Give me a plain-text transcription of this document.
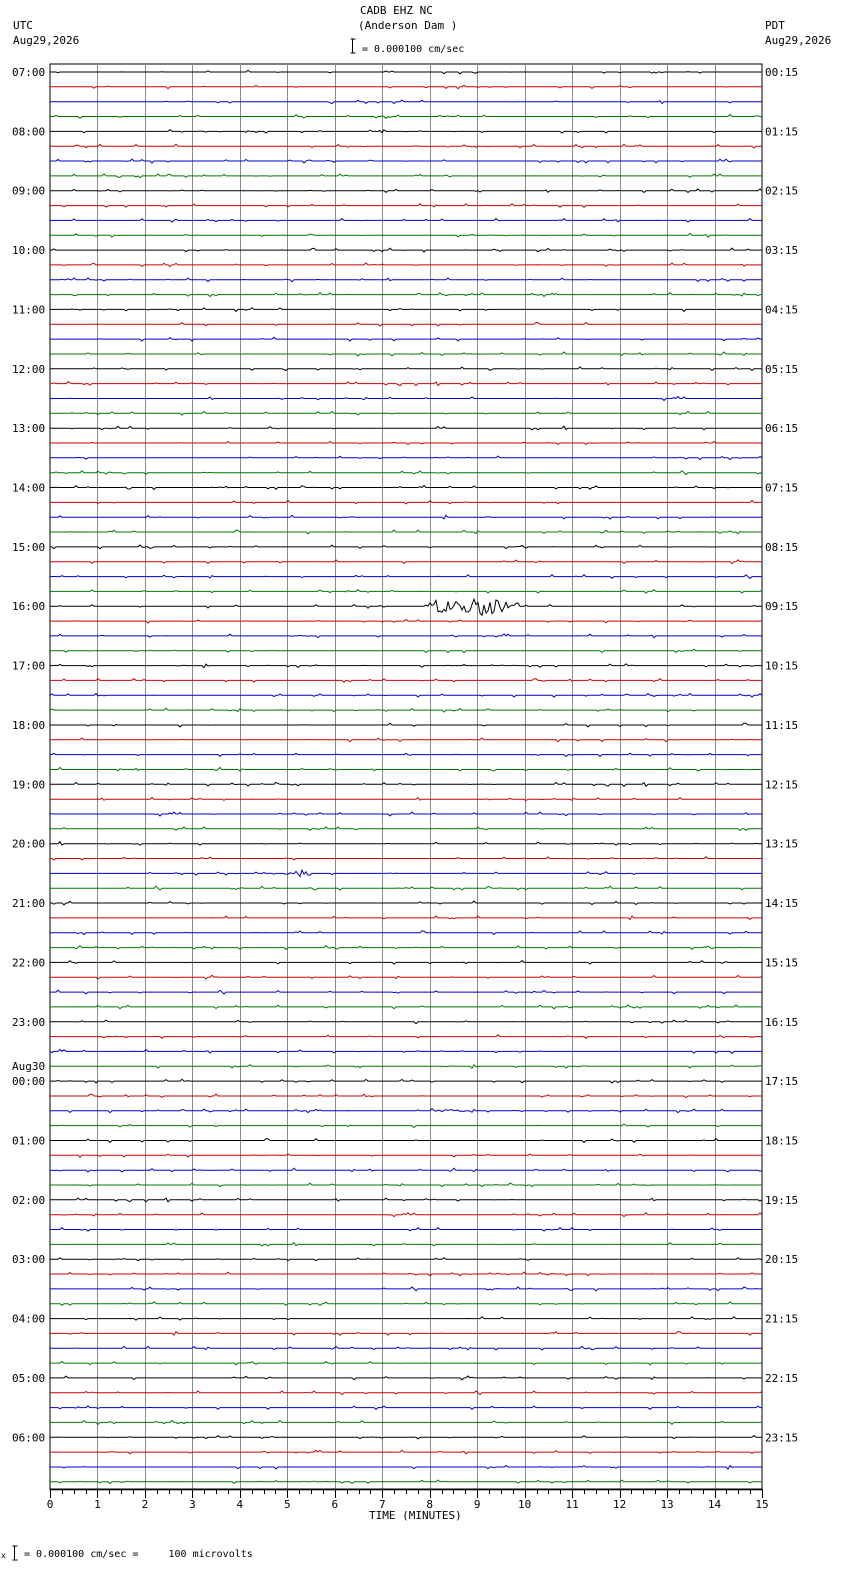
CADB EHZ NC
(Anderson Dam )
UTC
Aug29,2026
PDT
Aug29,2026
= 0.000100 cm/sec
TIME (MINUTES)
x = 0.000100 cm/sec =     100 microvolts
0	1	2	3	4	5	6	7	8	9	10	11	12	13	14	15
07:00
08:00
09:00
10:00
11:00
12:00
13:00
14:00
15:00
16:00
17:00
18:00
19:00
20:00
21:00
22:00
23:00
00:00
01:00
02:00
03:00
04:00
05:00
06:00
Aug30
00:15
01:15
02:15
03:15
04:15
05:15
06:15
07:15
08:15
09:15
10:15
11:15
12:15
13:15
14:15
15:15
16:15
17:15
18:15
19:15
20:15
21:15
22:15
23:15
